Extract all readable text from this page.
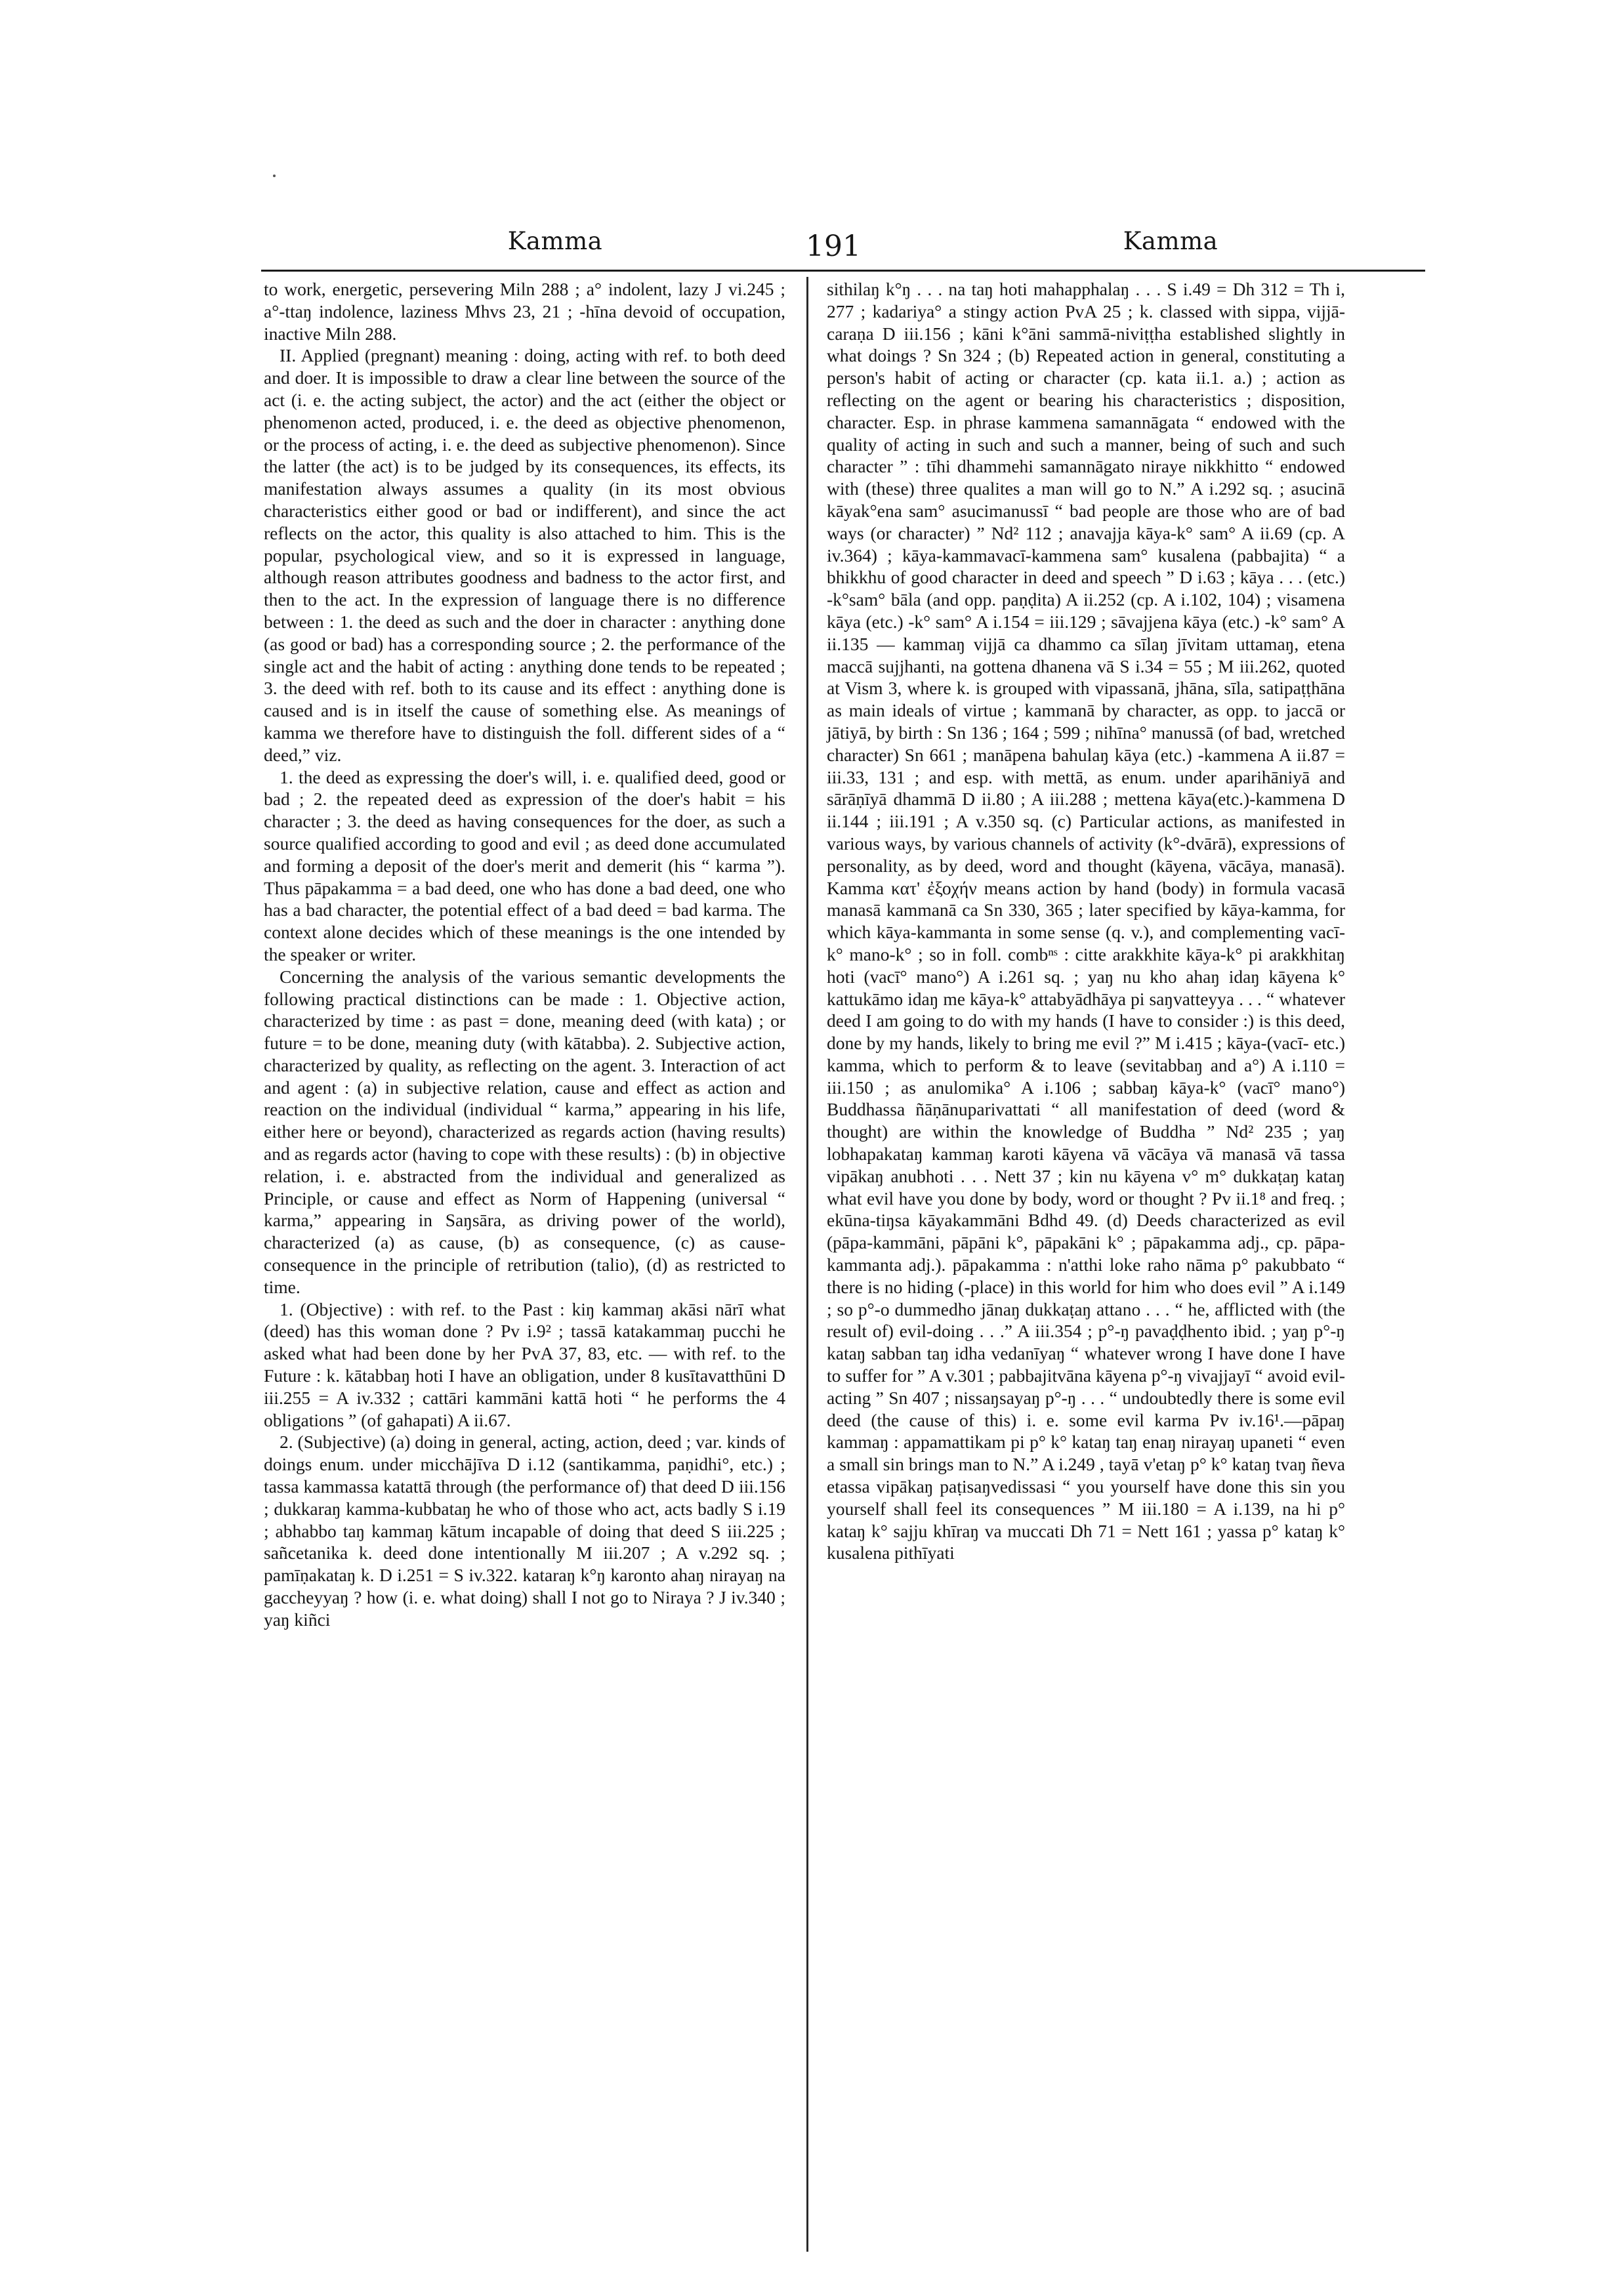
Kamma	191	Kamma

to work, energetic, persevering Miln 288 ; a° indolent, lazy J vi.245 ; a°-ttaŋ indolence, laziness Mhvs 23, 21 ; -hīna devoid of occupation, inactive Miln 288.

II. Applied (pregnant) meaning : doing, acting with ref. to both deed and doer. It is impossible to draw a clear line between the source of the act (i. e. the acting subject, the actor) and the act (either the object or phenomenon acted, produced, i. e. the deed as objective phenomenon, or the process of acting, i. e. the deed as subjective phenomenon). Since the latter (the act) is to be judged by its consequences, its effects, its manifestation always assumes a quality (in its most obvious characteristics either good or bad or indifferent), and since the act reflects on the actor, this quality is also attached to him. This is the popular, psychological view, and so it is expressed in language, although reason attributes goodness and badness to the actor first, and then to the act. In the expression of language there is no difference between : 1. the deed as such and the doer in character : anything done (as good or bad) has a corresponding source ; 2. the performance of the single act and the habit of acting : anything done tends to be repeated ; 3. the deed with ref. both to its cause and its effect : anything done is caused and is in itself the cause of something else. As meanings of kamma we therefore have to distinguish the foll. different sides of a “ deed,” viz.

1. the deed as expressing the doer's will, i. e. qualified deed, good or bad ; 2. the repeated deed as expression of the doer's habit = his character ; 3. the deed as having consequences for the doer, as such a source qualified according to good and evil ; as deed done accumulated and forming a deposit of the doer's merit and demerit (his “ karma ”). Thus pāpakamma = a bad deed, one who has done a bad deed, one who has a bad character, the potential effect of a bad deed = bad karma. The context alone decides which of these meanings is the one intended by the speaker or writer.

Concerning the analysis of the various semantic developments the following practical distinctions can be made : 1. Objective action, characterized by time : as past = done, meaning deed (with kata) ; or future = to be done, meaning duty (with kātabba). 2. Subjective action, characterized by quality, as reflecting on the agent. 3. Interaction of act and agent : (a) in subjective relation, cause and effect as action and reaction on the individual (individual “ karma,” appearing in his life, either here or beyond), characterized as regards action (having results) and as regards actor (having to cope with these results) : (b) in objective relation, i. e. abstracted from the individual and generalized as Principle, or cause and effect as Norm of Happening (universal “ karma,” appearing in Saŋsāra, as driving power of the world), characterized (a) as cause, (b) as consequence, (c) as cause-consequence in the principle of retribution (talio), (d) as restricted to time.

1. (Objective) : with ref. to the Past : kiŋ kammaŋ akāsi nārī what (deed) has this woman done ? Pv i.9² ; tassā katakammaŋ pucchi he asked what had been done by her PvA 37, 83, etc. — with ref. to the Future : k. kātabbaŋ hoti I have an obligation, under 8 kusītavatthūni D iii.255 = A iv.332 ; cattāri kammāni kattā hoti “ he performs the 4 obligations ” (of gahapati) A ii.67.

2. (Subjective) (a) doing in general, acting, action, deed ; var. kinds of doings enum. under micchājīva D i.12 (santikamma, paṇidhi°, etc.) ; tassa kammassa katattā through (the performance of) that deed D iii.156 ; dukkaraŋ kamma-kubbataŋ he who of those who act, acts badly S i.19 ; abhabbo taŋ kammaŋ kātum incapable of doing that deed S iii.225 ; sañcetanika k. deed done intentionally M iii.207 ; A v.292 sq. ; pamīṇakataŋ k. D i.251 = S iv.322. kataraŋ k°ŋ karonto ahaŋ nirayaŋ na gaccheyyaŋ ? how (i. e. what doing) shall I not go to Niraya ? J iv.340 ; yaŋ kiñci

sithilaŋ k°ŋ . . . na taŋ hoti mahapphalaŋ . . . S i.49 = Dh 312 = Th i, 277 ; kadariya° a stingy action PvA 25 ; k. classed with sippa, vijjā-caraṇa D iii.156 ; kāni k°āni sammā-niviṭṭha established slightly in what doings ? Sn 324 ; (b) Repeated action in general, constituting a person's habit of acting or character (cp. kata ii.1. a.) ; action as reflecting on the agent or bearing his characteristics ; disposition, character. Esp. in phrase kammena samannāgata “ endowed with the quality of acting in such and such a manner, being of such and such character ” : tīhi dhammehi samannāgato niraye nikkhitto “ endowed with (these) three qualites a man will go to N.” A i.292 sq. ; asucinā kāyak°ena sam° asucimanussī “ bad people are those who are of bad ways (or character) ” Nd² 112 ; anavajja kāya-k° sam° A ii.69 (cp. A iv.364) ; kāya-kammavacī-kammena sam° kusalena (pabbajita) “ a bhikkhu of good character in deed and speech ” D i.63 ; kāya . . . (etc.) -k°sam° bāla (and opp. paṇḍita) A ii.252 (cp. A i.102, 104) ; visamena kāya (etc.) -k° sam° A i.154 = iii.129 ; sāvajjena kāya (etc.) -k° sam° A ii.135 — kammaŋ vijjā ca dhammo ca sīlaŋ jīvitam uttamaŋ, etena maccā sujjhanti, na gottena dhanena vā S i.34 = 55 ; M iii.262, quoted at Vism 3, where k. is grouped with vipassanā, jhāna, sīla, satipaṭṭhāna as main ideals of virtue ; kammanā by character, as opp. to jaccā or jātiyā, by birth : Sn 136 ; 164 ; 599 ; nihīna° manussā (of bad, wretched character) Sn 661 ; manāpena bahulaŋ kāya (etc.) -kammena A ii.87 = iii.33, 131 ; and esp. with mettā, as enum. under aparihāniyā and sārāṇīyā dhammā D ii.80 ; A iii.288 ; mettena kāya(etc.)-kammena D ii.144 ; iii.191 ; A v.350 sq. (c) Particular actions, as manifested in various ways, by various channels of activity (k°-dvārā), expressions of personality, as by deed, word and thought (kāyena, vācāya, manasā). Kamma κατ' ἐξοχήν means action by hand (body) in formula vacasā manasā kammanā ca Sn 330, 365 ; later specified by kāya-kamma, for which kāya-kammanta in some sense (q. v.), and complementing vacī-k° mano-k° ; so in foll. combⁿˢ : citte arakkhite kāya-k° pi arakkhitaŋ hoti (vacī° mano°) A i.261 sq. ; yaŋ nu kho ahaŋ idaŋ kāyena k° kattukāmo idaŋ me kāya-k° attabyādhāya pi saŋvatteyya . . . “ whatever deed I am going to do with my hands (I have to consider :) is this deed, done by my hands, likely to bring me evil ?” M i.415 ; kāya-(vacī- etc.) kamma, which to perform & to leave (sevitabbaŋ and a°) A i.110 = iii.150 ; as anulomika° A i.106 ; sabbaŋ kāya-k° (vacī° mano°) Buddhassa ñāṇānuparivattati “ all manifestation of deed (word & thought) are within the knowledge of Buddha ” Nd² 235 ; yaŋ lobhapakataŋ kammaŋ karoti kāyena vā vācāya vā manasā vā tassa vipākaŋ anubhoti . . . Nett 37 ; kin nu kāyena v° m° dukkaṭaŋ kataŋ what evil have you done by body, word or thought ? Pv ii.1⁸ and freq. ; ekūna-tiŋsa kāyakammāni Bdhd 49. (d) Deeds characterized as evil (pāpa-kammāni, pāpāni k°, pāpakāni k° ; pāpakamma adj., cp. pāpa-kammanta adj.). pāpakamma : n'atthi loke raho nāma p° pakubbato “ there is no hiding (-place) in this world for him who does evil ” A i.149 ; so p°-o dummedho jānaŋ dukkaṭaŋ attano . . . “ he, afflicted with (the result of) evil-doing . . .” A iii.354 ; p°-ŋ pavaḍḍhento ibid. ; yaŋ p°-ŋ kataŋ sabban taŋ idha vedanīyaŋ “ whatever wrong I have done I have to suffer for ” A v.301 ; pabbajitvāna kāyena p°-ŋ vivajjayī “ avoid evil-acting ” Sn 407 ; nissaŋsayaŋ p°-ŋ . . . “ undoubtedly there is some evil deed (the cause of this) i. e. some evil karma Pv iv.16¹.—pāpaŋ kammaŋ : appamattikam pi p° k° kataŋ taŋ enaŋ nirayaŋ upaneti “ even a small sin brings man to N.” A i.249 , tayā v'etaŋ p° k° kataŋ tvaŋ ñeva etassa vipākaŋ paṭisaŋvedissasi “ you yourself have done this sin you yourself shall feel its consequences ” M iii.180 = A i.139, na hi p° kataŋ k° sajju khīraŋ va muccati Dh 71 = Nett 161 ; yassa p° kataŋ k° kusalena pithīyati
